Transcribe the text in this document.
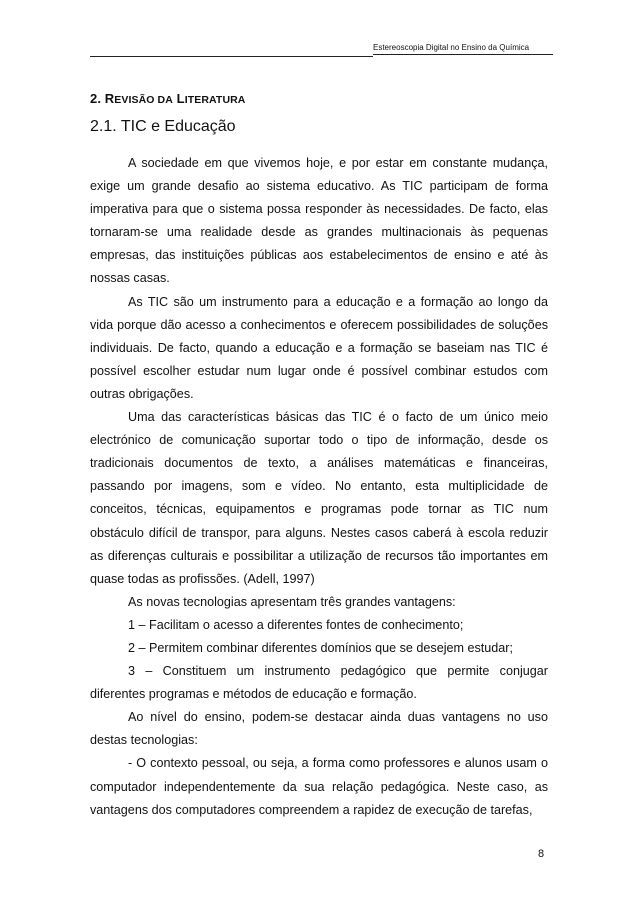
Estereoscopia Digital no Ensino da Química
2. REVISÃO DA LITERATURA
2.1. TIC e Educação

A sociedade em que vivemos hoje, e por estar em constante mudança, exige um grande desafio ao sistema educativo. As TIC participam de forma imperativa para que o sistema possa responder às necessidades. De facto, elas tornaram-se uma realidade desde as grandes multinacionais às pequenas empresas, das instituições públicas aos estabelecimentos de ensino e até às nossas casas.

As TIC são um instrumento para a educação e a formação ao longo da vida porque dão acesso a conhecimentos e oferecem possibilidades de soluções individuais. De facto, quando a educação e a formação se baseiam nas TIC é possível escolher estudar num lugar onde é possível combinar estudos com outras obrigações.

Uma das características básicas das TIC é o facto de um único meio electrónico de comunicação suportar todo o tipo de informação, desde os tradicionais documentos de texto, a análises matemáticas e financeiras, passando por imagens, som e vídeo. No entanto, esta multiplicidade de conceitos, técnicas, equipamentos e programas pode tornar as TIC num obstáculo difícil de transpor, para alguns. Nestes casos caberá à escola reduzir as diferenças culturais e possibilitar a utilização de recursos tão importantes em quase todas as profissões. (Adell, 1997)

As novas tecnologias apresentam três grandes vantagens:

1 – Facilitam o acesso a diferentes fontes de conhecimento;

2 – Permitem combinar diferentes domínios que se desejem estudar;

3 – Constituem um instrumento pedagógico que permite conjugar diferentes programas e métodos de educação e formação.

Ao nível do ensino, podem-se destacar ainda duas vantagens no uso destas tecnologias:

- O contexto pessoal, ou seja, a forma como professores e alunos usam o computador independentemente da sua relação pedagógica. Neste caso, as vantagens dos computadores compreendem a rapidez de execução de tarefas,

8
